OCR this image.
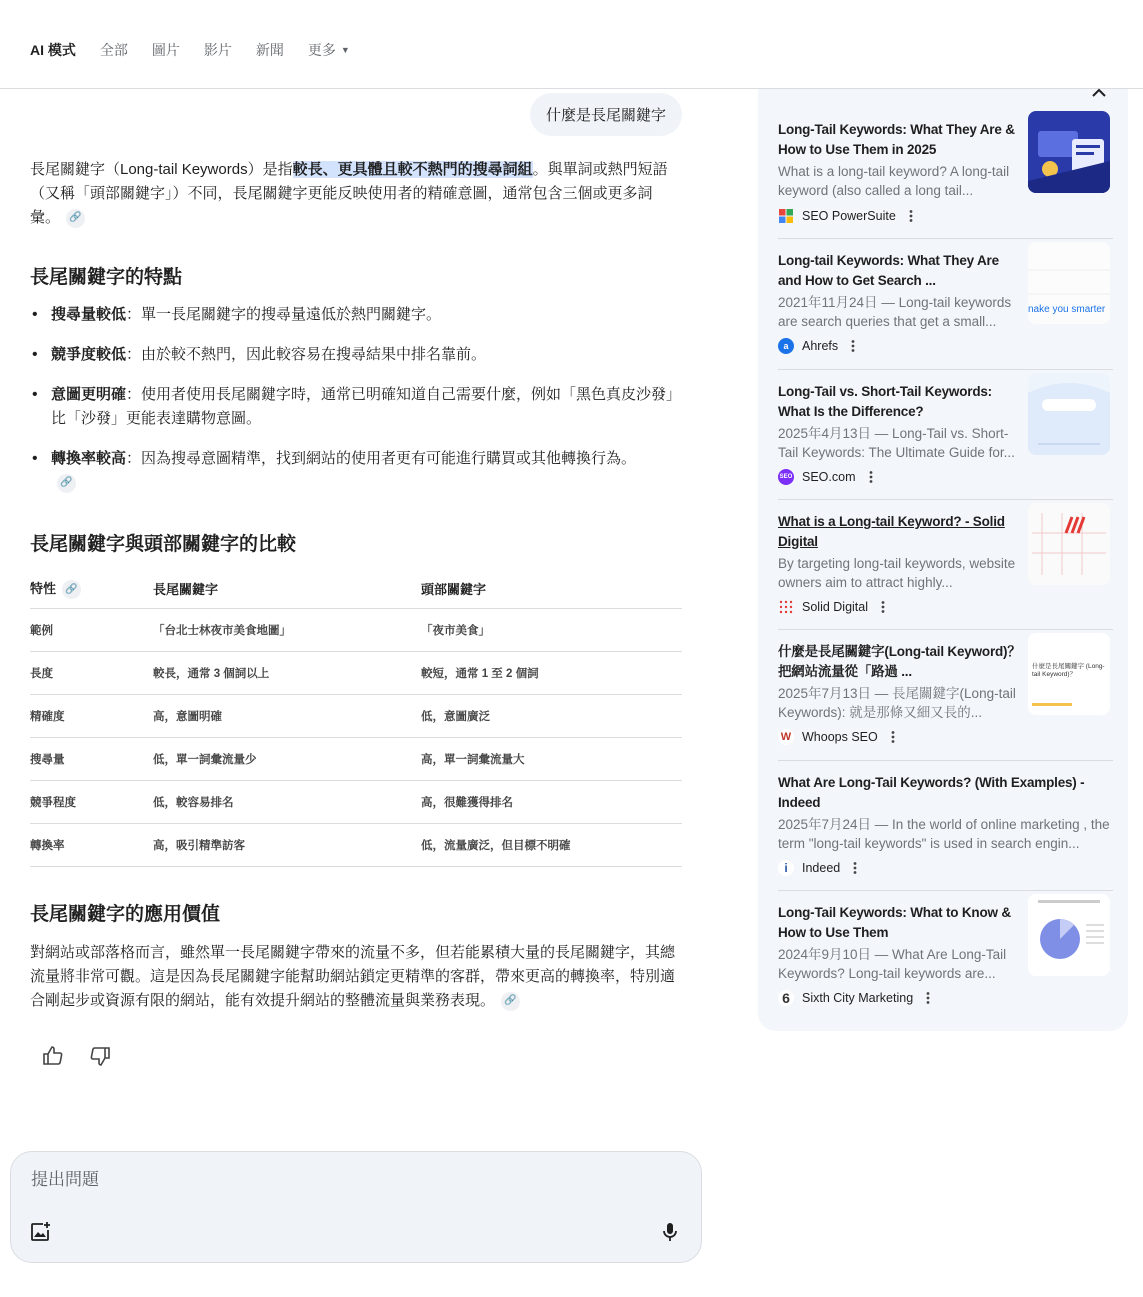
AI 模式 全部 圖片 影片 新聞 更多 ▼
什麼是長尾關鍵字
長尾關鍵字（Long-tail Keywords）是指較長、更具體且較不熱門的搜尋詞組。與單詞或熱門短語（又稱「頭部關鍵字」）不同，長尾關鍵字更能反映使用者的精確意圖，通常包含三個或更多詞彙。 🔗
長尾關鍵字的特點
• 搜尋量較低：單一長尾關鍵字的搜尋量遠低於熱門關鍵字。
• 競爭度較低：由於較不熱門，因此較容易在搜尋結果中排名靠前。
• 意圖更明確：使用者使用長尾關鍵字時，通常已明確知道自己需要什麼，例如「黑色真皮沙發」比「沙發」更能表達購物意圖。
• 轉換率較高：因為搜尋意圖精準，找到網站的使用者更有可能進行購買或其他轉換行為。🔗
長尾關鍵字與頭部關鍵字的比較
特性 🔗	長尾關鍵字	頭部關鍵字
範例	「台北士林夜市美食地圖」	「夜市美食」
長度	較長，通常 3 個詞以上	較短，通常 1 至 2 個詞
精確度	高，意圖明確	低，意圖廣泛
搜尋量	低，單一詞彙流量少	高，單一詞彙流量大
競爭程度	低，較容易排名	高，很難獲得排名
轉換率	高，吸引精準訪客	低，流量廣泛，但目標不明確
長尾關鍵字的應用價值
對網站或部落格而言，雖然單一長尾關鍵字帶來的流量不多，但若能累積大量的長尾關鍵字，其總流量將非常可觀。這是因為長尾關鍵字能幫助網站鎖定更精準的客群，帶來更高的轉換率，特別適合剛起步或資源有限的網站，能有效提升網站的整體流量與業務表現。 🔗
提出問題
Long-Tail Keywords: What They Are & How to Use Them in 2025
What is a long-tail keyword? A long-tail keyword (also called a long tail...
SEO PowerSuite
Long-tail Keywords: What They Are and How to Get Search ...
2021年11月24日 — Long-tail keywords are search queries that get a small...
a	Ahrefs
nake you smarter
Long-Tail vs. Short-Tail Keywords: What Is the Difference?
2025年4月13日 — Long-Tail vs. Short-Tail Keywords: The Ultimate Guide for...
SEO SEO.com
What is a Long-tail Keyword? - Solid Digital
By targeting long-tail keywords, website owners aim to attract highly...
Solid Digital
什麼是長尾關鍵字(Long-tail Keyword)？把網站流量從「路過 ...
2025年7月13日 — 長尾關鍵字(Long-tail Keywords): 就是那條又細又長的...
W Whoops SEO
什麼是長尾關鍵字 (Long-tail Keyword)？
What Are Long-Tail Keywords? (With Examples) - Indeed
2025年7月24日 — In the world of online marketing , the term "long-tail keywords" is used in search engin...
i	Indeed
Long-Tail Keywords: What to Know & How to Use Them
2024年9月10日 — What Are Long-Tail Keywords? Long-tail keywords are...
6 Sixth City Marketing
